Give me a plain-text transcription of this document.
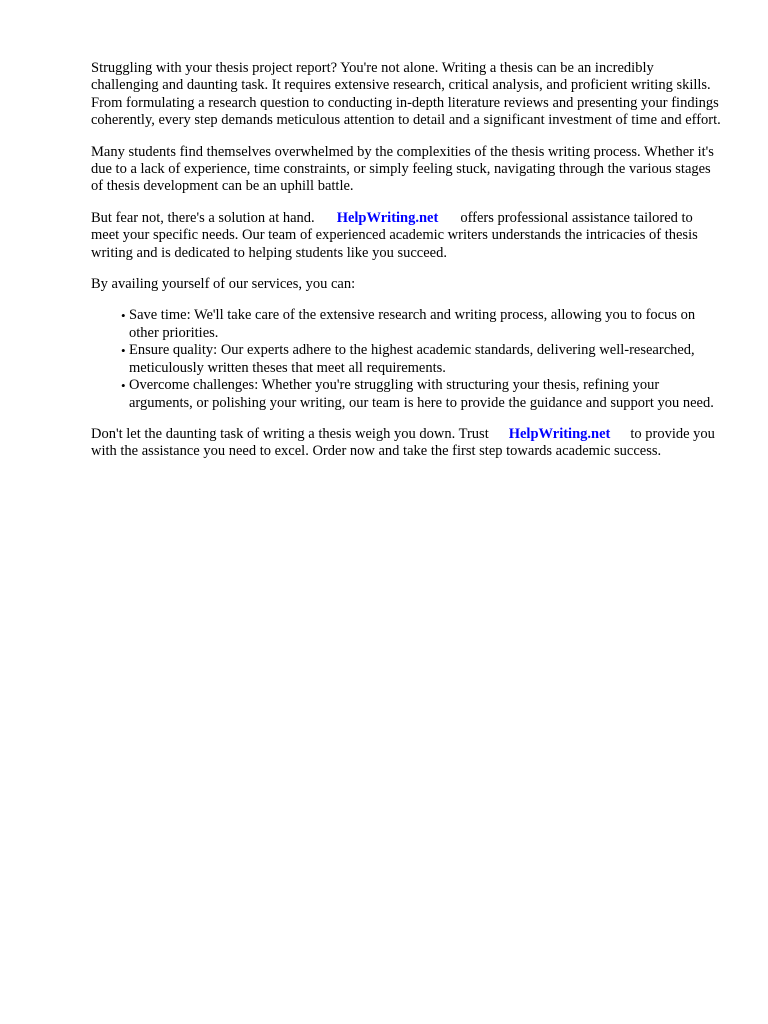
Struggling with your thesis project report? You're not alone. Writing a thesis can be an incredibly challenging and daunting task. It requires extensive research, critical analysis, and proficient writing skills. From formulating a research question to conducting in-depth literature reviews and presenting your findings coherently, every step demands meticulous attention to detail and a significant investment of time and effort.

Many students find themselves overwhelmed by the complexities of the thesis writing process. Whether it's due to a lack of experience, time constraints, or simply feeling stuck, navigating through the various stages of thesis development can be an uphill battle.

But fear not, there's a solution at hand. HelpWriting.net offers professional assistance tailored to meet your specific needs. Our team of experienced academic writers understands the intricacies of thesis writing and is dedicated to helping students like you succeed.

By availing yourself of our services, you can:

• Save time: We'll take care of the extensive research and writing process, allowing you to focus on other priorities.
• Ensure quality: Our experts adhere to the highest academic standards, delivering well-researched, meticulously written theses that meet all requirements.
• Overcome challenges: Whether you're struggling with structuring your thesis, refining your arguments, or polishing your writing, our team is here to provide the guidance and support you need.

Don't let the daunting task of writing a thesis weigh you down. Trust HelpWriting.net to provide you with the assistance you need to excel. Order now and take the first step towards academic success.
